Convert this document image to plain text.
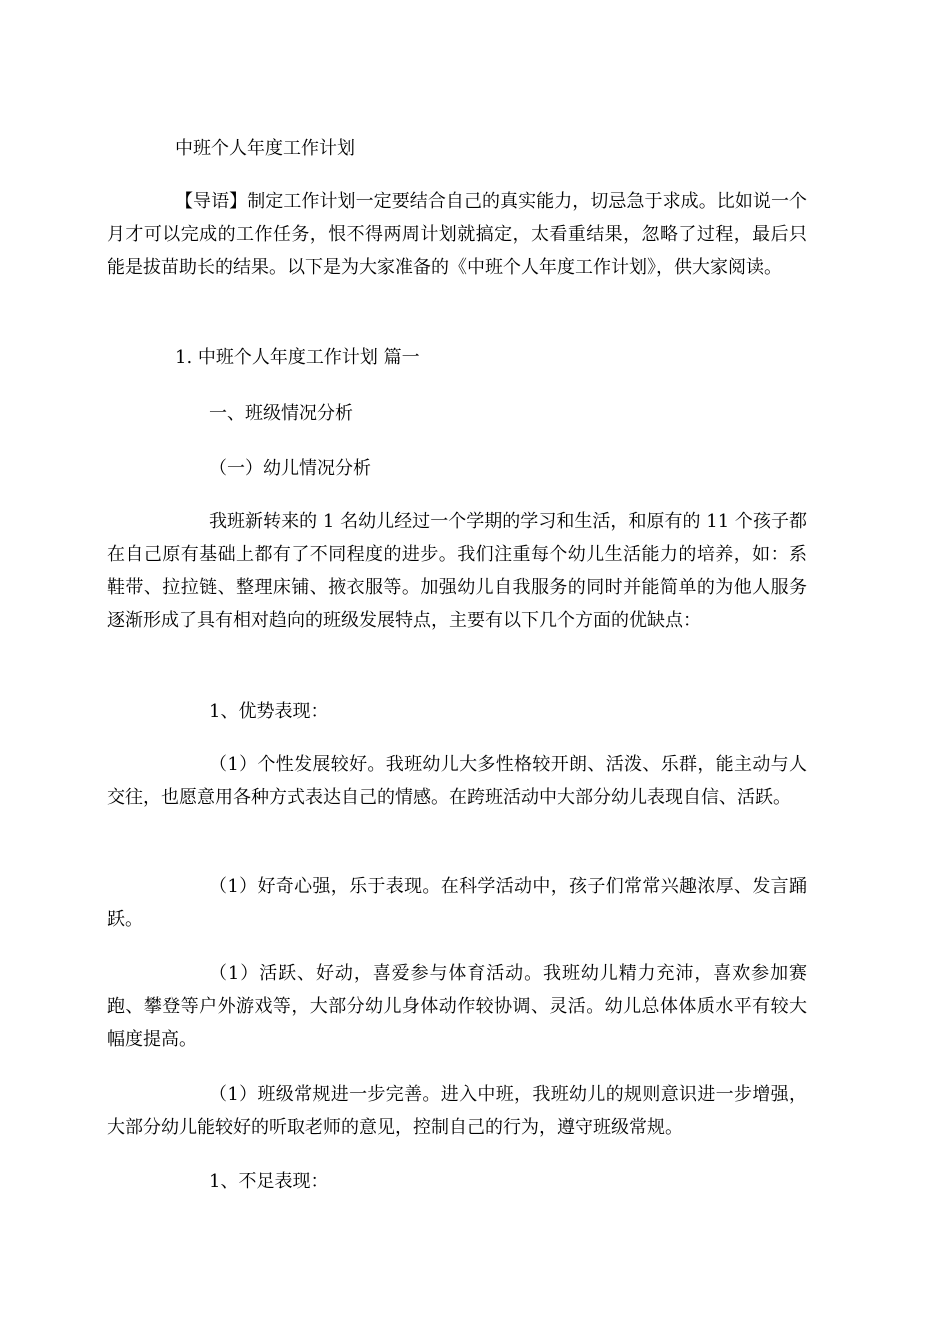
中班个人年度工作计划

【导语】制定工作计划一定要结合自己的真实能力，切忌急于求成。比如说一个月才可以完成的工作任务，恨不得两周计划就搞定，太看重结果，忽略了过程，最后只能是拔苗助长的结果。以下是为大家准备的《中班个人年度工作计划》，供大家阅读。

1. 中班个人年度工作计划 篇一
一、班级情况分析
（一）幼儿情况分析

我班新转来的 1 名幼儿经过一个学期的学习和生活，和原有的 11 个孩子都在自己原有基础上都有了不同程度的进步。我们注重每个幼儿生活能力的培养，如：系鞋带、拉拉链、整理床铺、掖衣服等。加强幼儿自我服务的同时并能简单的为他人服务逐渐形成了具有相对趋向的班级发展特点，主要有以下几个方面的优缺点：

1、优势表现：

（1）个性发展较好。我班幼儿大多性格较开朗、活泼、乐群，能主动与人交往，也愿意用各种方式表达自己的情感。在跨班活动中大部分幼儿表现自信、活跃。

（1）好奇心强，乐于表现。在科学活动中，孩子们常常兴趣浓厚、发言踊跃。

（1）活跃、好动，喜爱参与体育活动。我班幼儿精力充沛，喜欢参加赛跑、攀登等户外游戏等，大部分幼儿身体动作较协调、灵活。幼儿总体体质水平有较大幅度提高。

（1）班级常规进一步完善。进入中班，我班幼儿的规则意识进一步增强，大部分幼儿能较好的听取老师的意见，控制自己的行为，遵守班级常规。

1、不足表现：
